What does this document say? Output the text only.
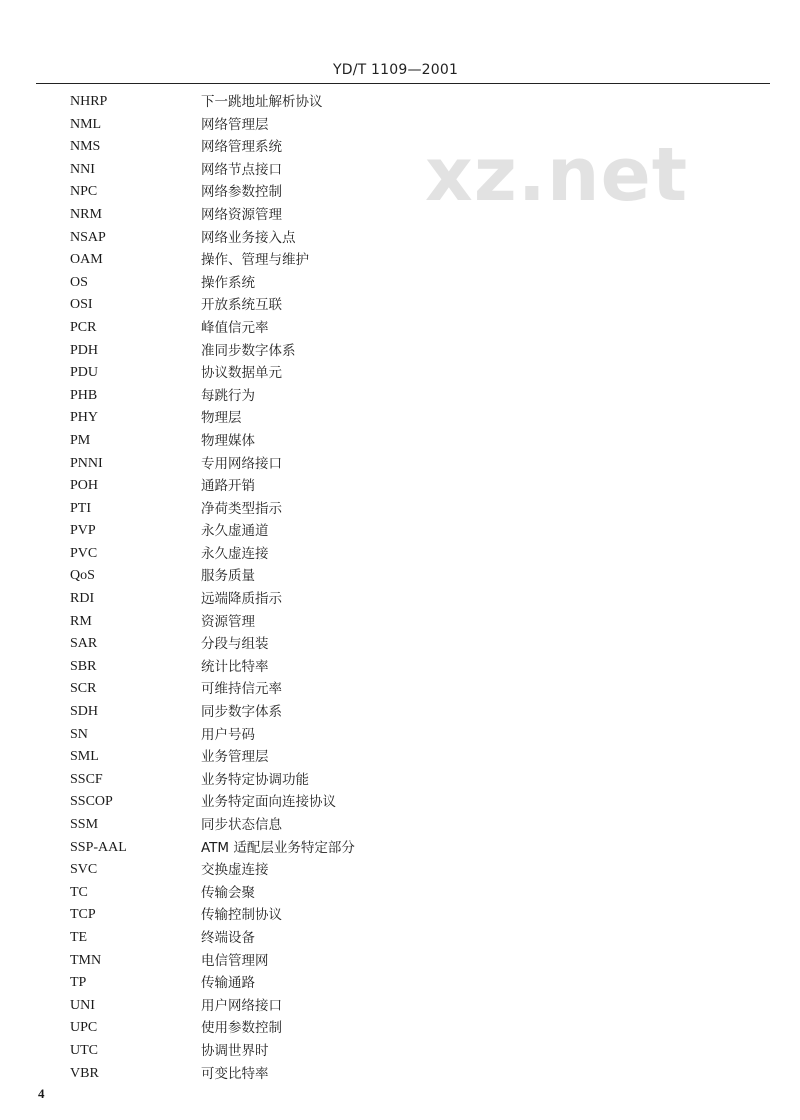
YD/T 1109—2001
xz.net
NHRP	下一跳地址解析协议
NML	网络管理层
NMS	网络管理系统
NNI	网络节点接口
NPC	网络参数控制
NRM	网络资源管理
NSAP	网络业务接入点
OAM	操作、管理与维护
OS	操作系统
OSI	开放系统互联
PCR	峰值信元率
PDH	准同步数字体系
PDU	协议数据单元
PHB	每跳行为
PHY	物理层
PM	物理媒体
PNNI	专用网络接口
POH	通路开销
PTI	净荷类型指示
PVP	永久虚通道
PVC	永久虚连接
QoS	服务质量
RDI	远端降质指示
RM	资源管理
SAR	分段与组装
SBR	统计比特率
SCR	可维持信元率
SDH	同步数字体系
SN	用户号码
SML	业务管理层
SSCF	业务特定协调功能
SSCOP	业务特定面向连接协议
SSM	同步状态信息
SSP-AAL	ATM 适配层业务特定部分
SVC	交换虚连接
TC	传输会聚
TCP	传输控制协议
TE	终端设备
TMN	电信管理网
TP	传输通路
UNI	用户网络接口
UPC	使用参数控制
UTC	协调世界时
VBR	可变比特率
4
